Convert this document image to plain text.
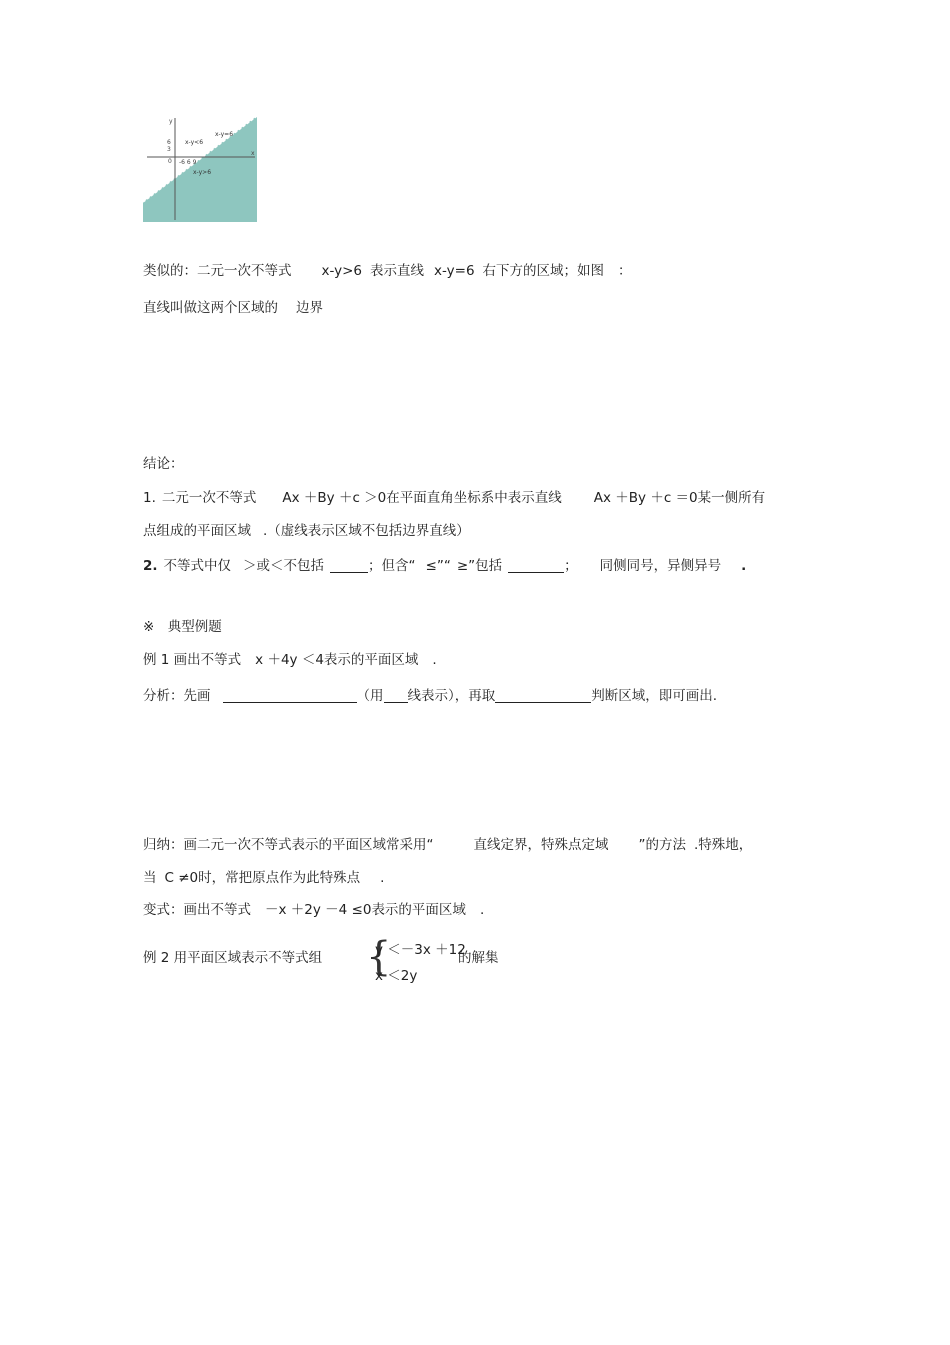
y
x
6
3
0 -6 6 9
x-y<6
x-y=6
x-y>6
类似的：二元一次不等式 x-y>6 表示直线 x-y=6 右下方的区域；如图 ：
直线叫做这两个区域的 边界
结论：
1. 二元一次不等式 Ax ＋By ＋c ＞0在平面直角坐标系中表示直线 Ax ＋By ＋c ＝0某一侧所有
点组成的平面区域 .（虚线表示区域不包括边界直线）
2. 不等式中仅 ＞或＜不包括	；但含“ ≤”“ ≥”包括	； 同侧同号，异侧异号 .
※　典型例题
例 1 画出不等式 x ＋4y ＜4表示的平面区域 .
分析：先画	（用 线表示），再取	判断区域，即可画出.
归纳：画二元一次不等式表示的平面区域常采用“	直线定界，特殊点定域 ”的方法 .特殊地，
当 C ≠0时，常把原点作为此特殊点 .
变式：画出不等式 －x ＋2y －4 ≤0表示的平面区域 .
例 2 用平面区域表示不等式组 {
y ＜－3x ＋12
x ＜2y
的解集
